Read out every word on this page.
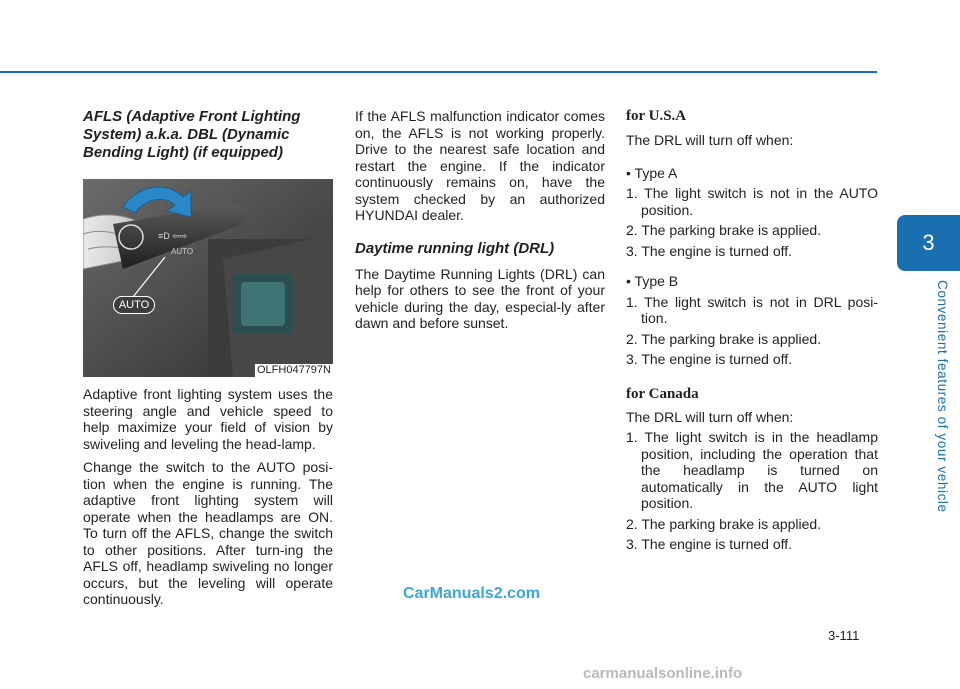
3
Convenient features of your vehicle
AFLS (Adaptive Front Lighting System) a.k.a. DBL (Dynamic Bending Light) (if equipped)
≡D ⇦⇨
AUTO
AUTO
OLFH047797N
Adaptive front lighting system uses the steering angle and vehicle speed to help maximize your field of vision by swiveling and leveling the head-lamp.
Change the switch to the AUTO posi-tion when the engine is running. The adaptive front lighting system will operate when the headlamps are ON. To turn off the AFLS, change the switch to other positions. After turn-ing the AFLS off, headlamp swiveling no longer occurs, but the leveling will operate continuously.
If the AFLS malfunction indicator comes on, the AFLS is not working properly. Drive to the nearest safe location and restart the engine. If the indicator continuously remains on, have the system checked by an authorized HYUNDAI dealer.
Daytime running light (DRL)
The Daytime Running Lights (DRL) can help for others to see the front of your vehicle during the day, especial-ly after dawn and before sunset.
for U.S.A
The DRL will turn off when:
• Type A
1. The light switch is not in the AUTO position.
2. The parking brake is applied.
3. The engine is turned off.
• Type B
1. The light switch is not in DRL posi-tion.
2. The parking brake is applied.
3. The engine is turned off.
for Canada
The DRL will turn off when:
1. The light switch is in the headlamp position, including the operation that the headlamp is turned on automatically in the AUTO light position.
2. The parking brake is applied.
3. The engine is turned off.
3-111
CarManuals2.com
carmanualsonline.info
